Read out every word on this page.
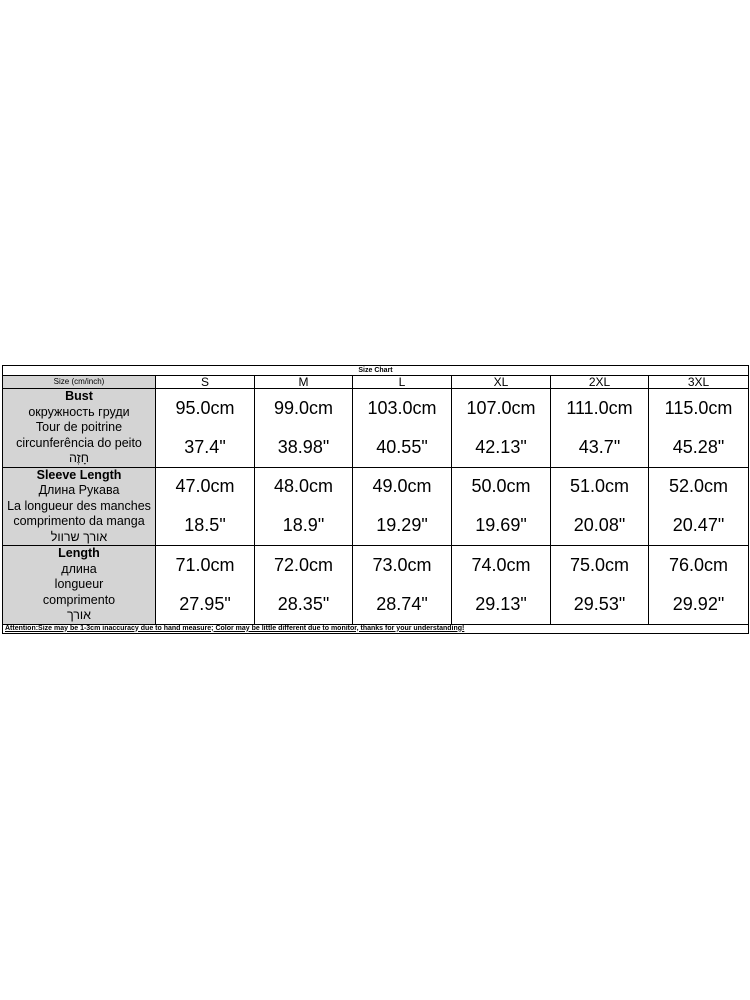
Size Chart						
Size (cm/inch)	S	M	L	XL	2XL	3XL

Bust
окружность груди
Tour de poitrine
circunferência do peito
חָזֶה	95.0cm	99.0cm	103.0cm	107.0cm	111.0cm	115.0cm
	37.4"	38.98"	40.55"	42.13"	43.7"	45.28"

Sleeve Length
Длина Рукава
La longueur des manches
comprimento da manga
אורך שרוול	47.0cm	48.0cm	49.0cm	50.0cm	51.0cm	52.0cm
	18.5"	18.9"	19.29"	19.69"	20.08"	20.47"

Length
длина
longueur
comprimento
אורך	71.0cm	72.0cm	73.0cm	74.0cm	75.0cm	76.0cm
	27.95"	28.35"	28.74"	29.13"	29.53"	29.92"
Attention:Size may be 1-3cm inaccuracy due to hand measure; Color may be little different due to monitor, thanks for your understanding!						
